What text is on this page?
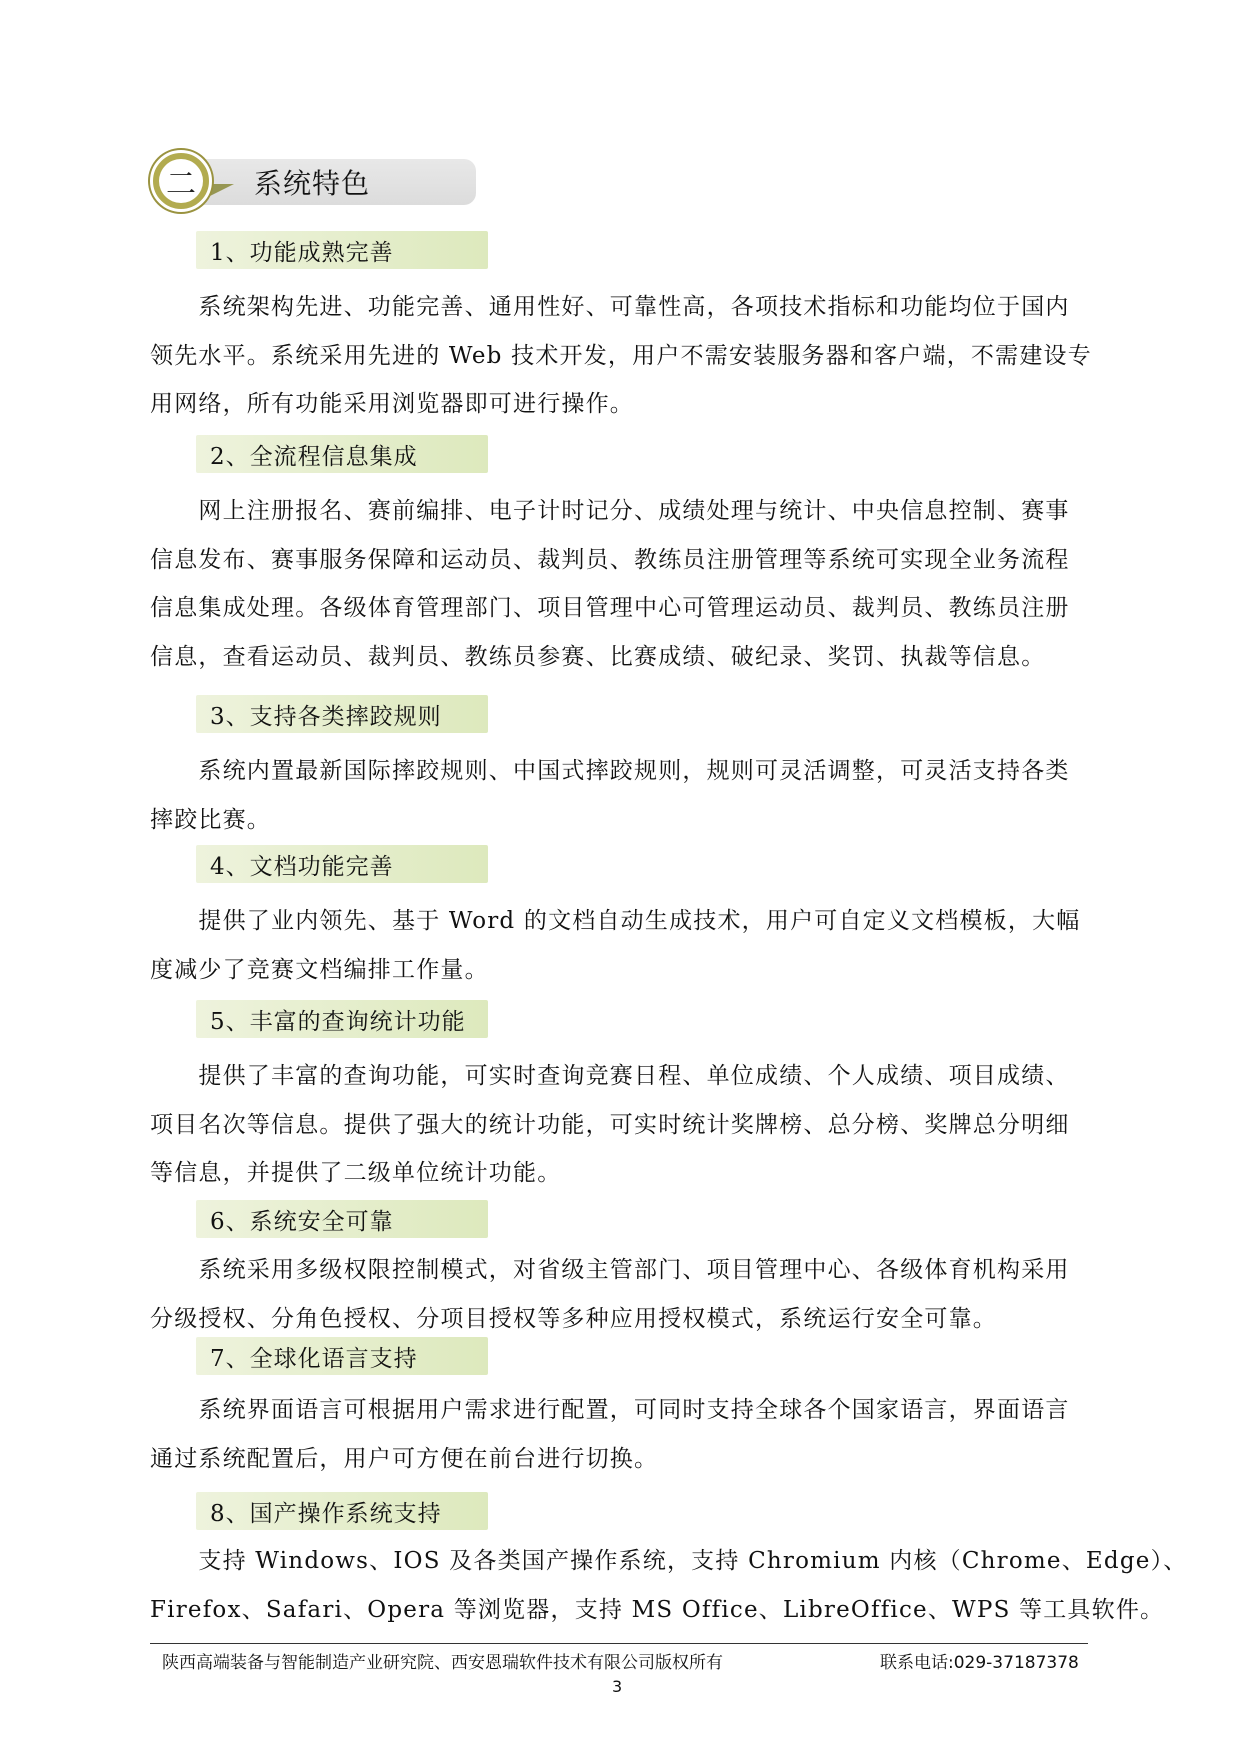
二 系统特色
1、功能成熟完善
　　系统架构先进、功能完善、通用性好、可靠性高，各项技术指标和功能均位于国内
领先水平。系统采用先进的 Web 技术开发，用户不需安装服务器和客户端，不需建设专
用网络，所有功能采用浏览器即可进行操作。
2、全流程信息集成
　　网上注册报名、赛前编排、电子计时记分、成绩处理与统计、中央信息控制、赛事
信息发布、赛事服务保障和运动员、裁判员、教练员注册管理等系统可实现全业务流程
信息集成处理。各级体育管理部门、项目管理中心可管理运动员、裁判员、教练员注册
信息，查看运动员、裁判员、教练员参赛、比赛成绩、破纪录、奖罚、执裁等信息。
3、支持各类摔跤规则
　　系统内置最新国际摔跤规则、中国式摔跤规则，规则可灵活调整，可灵活支持各类
摔跤比赛。
4、文档功能完善
　　提供了业内领先、基于 Word 的文档自动生成技术，用户可自定义文档模板，大幅
度减少了竞赛文档编排工作量。
5、丰富的查询统计功能
　　提供了丰富的查询功能，可实时查询竞赛日程、单位成绩、个人成绩、项目成绩、
项目名次等信息。提供了强大的统计功能，可实时统计奖牌榜、总分榜、奖牌总分明细
等信息，并提供了二级单位统计功能。
6、系统安全可靠
　　系统采用多级权限控制模式，对省级主管部门、项目管理中心、各级体育机构采用
分级授权、分角色授权、分项目授权等多种应用授权模式，系统运行安全可靠。
7、全球化语言支持
　　系统界面语言可根据用户需求进行配置，可同时支持全球各个国家语言，界面语言
通过系统配置后，用户可方便在前台进行切换。
8、国产操作系统支持
　　支持 Windows、IOS 及各类国产操作系统，支持 Chromium 内核（Chrome、Edge）、
Firefox、Safari、Opera 等浏览器，支持 MS Office、LibreOffice、WPS 等工具软件。
陕西高端装备与智能制造产业研究院、西安恩瑞软件技术有限公司版权所有	联系电话:029-37187378
3
